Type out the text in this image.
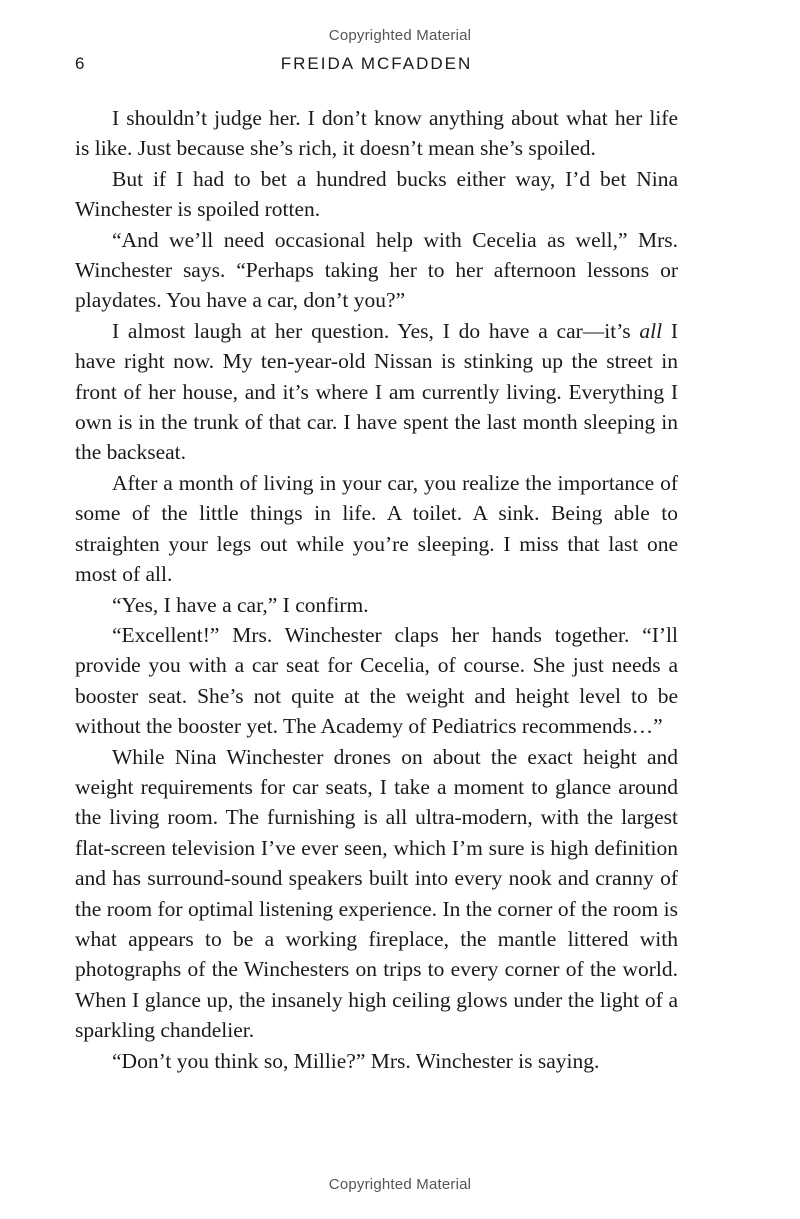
Copyrighted Material
6	FREIDA MCFADDEN

I shouldn’t judge her. I don’t know anything about what her life is like. Just because she’s rich, it doesn’t mean she’s spoiled.

But if I had to bet a hundred bucks either way, I’d bet Nina Winchester is spoiled rotten.

“And we’ll need occasional help with Cecelia as well,” Mrs. Winchester says. “Perhaps taking her to her afternoon lessons or playdates. You have a car, don’t you?”

I almost laugh at her question. Yes, I do have a car—it’s all I have right now. My ten-year-old Nissan is stinking up the street in front of her house, and it’s where I am currently living. Everything I own is in the trunk of that car. I have spent the last month sleeping in the backseat.

After a month of living in your car, you realize the importance of some of the little things in life. A toilet. A sink. Being able to straighten your legs out while you’re sleeping. I miss that last one most of all.

“Yes, I have a car,” I confirm.

“Excellent!” Mrs. Winchester claps her hands together. “I’ll provide you with a car seat for Cecelia, of course. She just needs a booster seat. She’s not quite at the weight and height level to be without the booster yet. The Academy of Pediatrics recommends…”

While Nina Winchester drones on about the exact height and weight requirements for car seats, I take a moment to glance around the living room. The furnishing is all ultra-modern, with the largest flat-screen television I’ve ever seen, which I’m sure is high definition and has surround-sound speakers built into every nook and cranny of the room for optimal listening experience. In the corner of the room is what appears to be a working fireplace, the mantle littered with photographs of the Winchesters on trips to every corner of the world. When I glance up, the insanely high ceiling glows under the light of a sparkling chandelier.

“Don’t you think so, Millie?” Mrs. Winchester is saying.

Copyrighted Material
